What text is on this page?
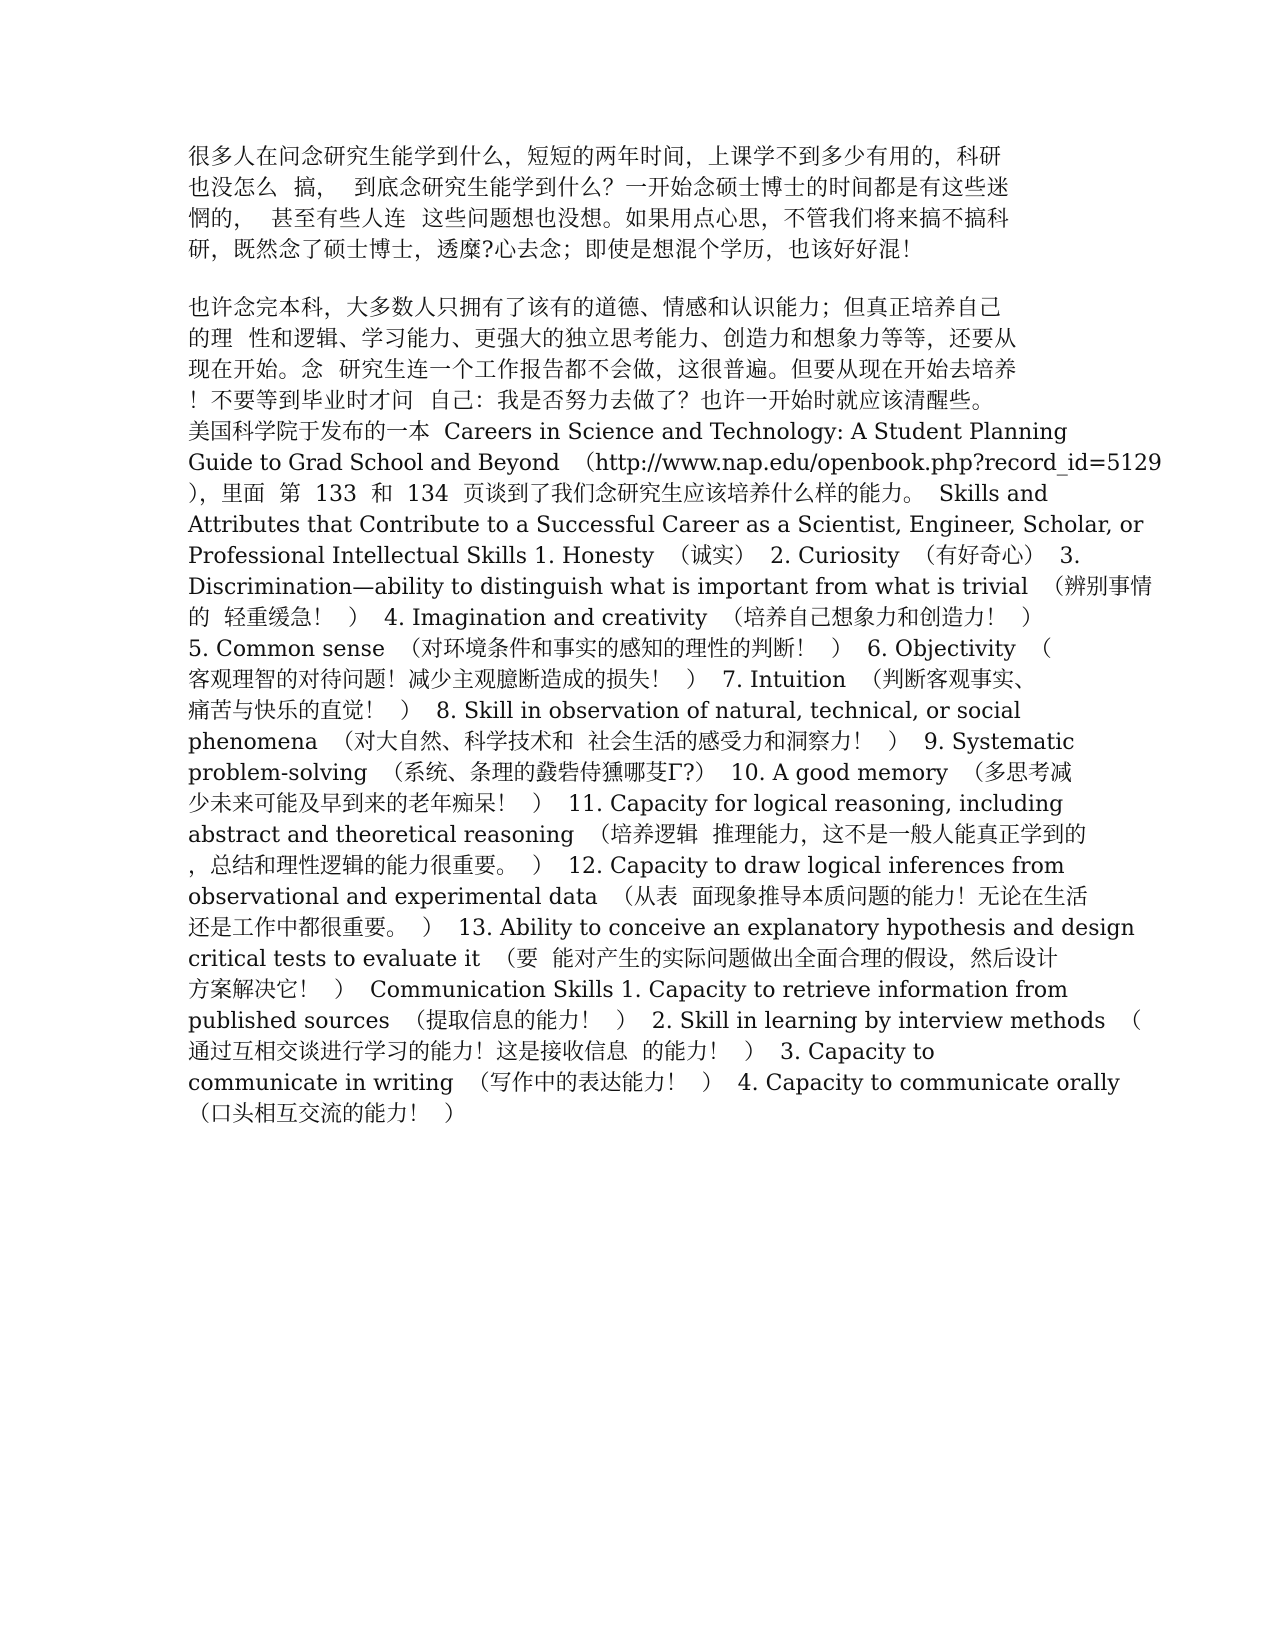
很多人在问念研究生能学到什么，短短的两年时间，上课学不到多少有用的，科研

也没怎么  搞，  到底念研究生能学到什么？一开始念硕士博士的时间都是有这些迷

惘的，  甚至有些人连  这些问题想也没想。如果用点心思，不管我们将来搞不搞科

研，既然念了硕士博士，透糜?心去念；即使是想混个学历，也该好好混！

也许念完本科，大多数人只拥有了该有的道德、情感和认识能力；但真正培养自己

的理  性和逻辑、学习能力、更强大的独立思考能力、创造力和想象力等等，还要从

现在开始。念  研究生连一个工作报告都不会做，这很普遍。但要从现在开始去培养

！不要等到毕业时才问  自己：我是否努力去做了？也许一开始时就应该清醒些。

美国科学院于发布的一本  Careers in Science and Technology: A Student Planning

Guide to Grad School and Beyond  （http://www.nap.edu/openbook.php?record_id=5129

），里面  第  133  和  134  页谈到了我们念研究生应该培养什么样的能力。  Skills and

Attributes that Contribute to a Successful Career as a Scientist, Engineer, Scholar, or

Professional Intellectual Skills 1. Honesty  （诚实）  2. Curiosity  （有好奇心）  3.

Discrimination—ability to distinguish what is important from what is trivial  （辨别事情

的  轻重缓急！  ）  4. Imagination and creativity  （培养自己想象力和创造力！  ）

5. Common sense  （对环境条件和事实的感知的理性的判断！  ）  6. Objectivity  （

客观理智的对待问题！减少主观臆断造成的损失！  ）  7. Intuition  （判断客观事实、

痛苦与快乐的直觉！  ）  8. Skill in observation of natural, technical, or social

phenomena  （对大自然、科学技术和  社会生活的感受力和洞察力！  ）  9. Systematic

problem-solving  （系统、条理的鼗砦侍獯哪芟Γ?）  10. A good memory  （多思考减

少未来可能及早到来的老年痴呆！  ）  11. Capacity for logical reasoning, including

abstract and theoretical reasoning  （培养逻辑  推理能力，这不是一般人能真正学到的

，总结和理性逻辑的能力很重要。  ）  12. Capacity to draw logical inferences from

observational and experimental data  （从表  面现象推导本质问题的能力！无论在生活

还是工作中都很重要。  ）  13. Ability to conceive an explanatory hypothesis and design

critical tests to evaluate it  （要  能对产生的实际问题做出全面合理的假设，然后设计

方案解决它！  ）  Communication Skills 1. Capacity to retrieve information from

published sources  （提取信息的能力！  ）  2. Skill in learning by interview methods  （

通过互相交谈进行学习的能力！这是接收信息  的能力！  ）  3. Capacity to

communicate in writing  （写作中的表达能力！  ）  4. Capacity to communicate orally

（口头相互交流的能力！  ）
